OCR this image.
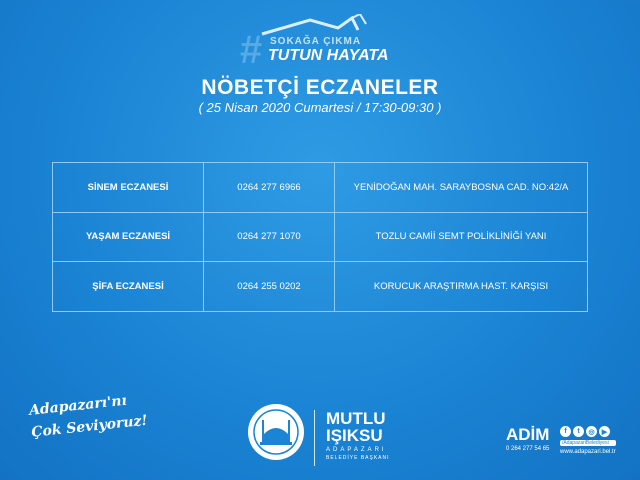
# SOKAĞA ÇIKMA
TUTUN HAYATA
NÖBETÇİ ECZANELER
( 25 Nisan 2020 Cumartesi / 17:30-09:30 )
SİNEM ECZANESİ	0264 277 6966	YENİDOĞAN MAH. SARAYBOSNA CAD. NO:42/A
YAŞAM ECZANESİ	0264 277 1070	TOZLU CAMİİ SEMT POLİKLİNİĞİ YANI
ŞİFA ECZANESİ	0264 255 0202	KORUCUK ARAŞTIRMA HAST. KARŞISI
Adapazarı'nı
Çok Seviyoruz!	MUTLU
IŞIKSU
ADAPAZARI
BELEDİYE BAŞKANI
ADİM
0 264 277 54 65
f	t	◎	▶
/AdapazariBelediyesi
www.adapazari.bel.tr
